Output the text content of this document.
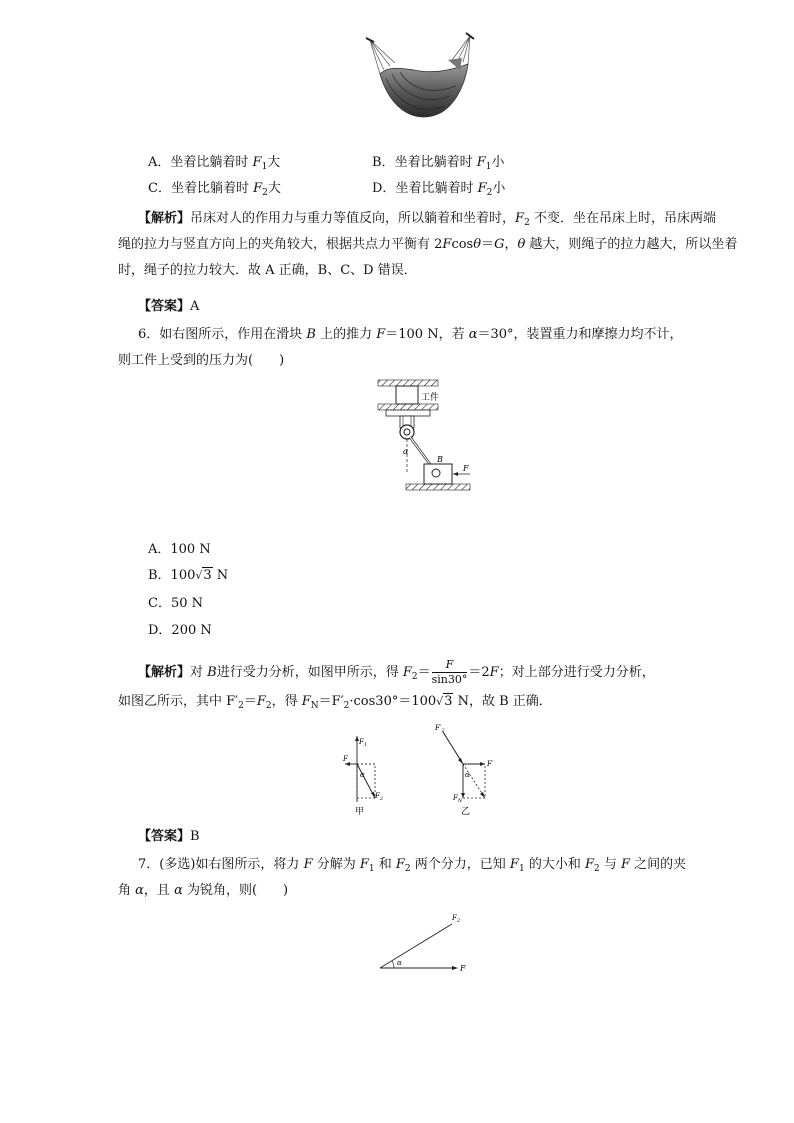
A．坐着比躺着时 $F_1$大	B．坐着比躺着时 $F_1$小
C．坐着比躺着时 $F_2$大	D．坐着比躺着时 $F_2$小
【解析】吊床对人的作用力与重力等值反向，所以躺着和坐着时，$F_2$ 不变．坐在吊床上时，吊床两端
绳的拉力与竖直方向上的夹角较大，根据共点力平衡有 2Fcosθ＝G，θ 越大，则绳子的拉力越大，所以坐着
时，绳子的拉力较大．故 A 正确，B、C、D 错误．
【答案】A
6．如右图所示，作用在滑块 B 上的推力 F＝100 N，若 α＝30°，装置重力和摩擦力均不计，
则工件上受到的压力为(　　)
工件
α
B
F
A．100 N
B．100√3 N
C．50 N
D．200 N
【解析】对 B进行受力分析，如图甲所示，得 $F_2= \frac{F}{\sin 30^\circ} =2F$；对上部分进行受力分析，
如图乙所示，其中 $F'_2=F_2$，得 $F_N=F'_2\cdot\cos 30^\circ=100√3$ N，故 B 正确．
$F_1$
F
α
$F_2$
甲
$F'_2$
F′
α
$F_N$
乙
【答案】B
7．(多选)如右图所示，将力 F 分解为 $F_1$ 和 $F_2$ 两个分力，已知 $F_1$ 的大小和 $F_2$ 与 F 之间的夹
角 α，且 α 为锐角，则(　　)
α
F
$F_2$
